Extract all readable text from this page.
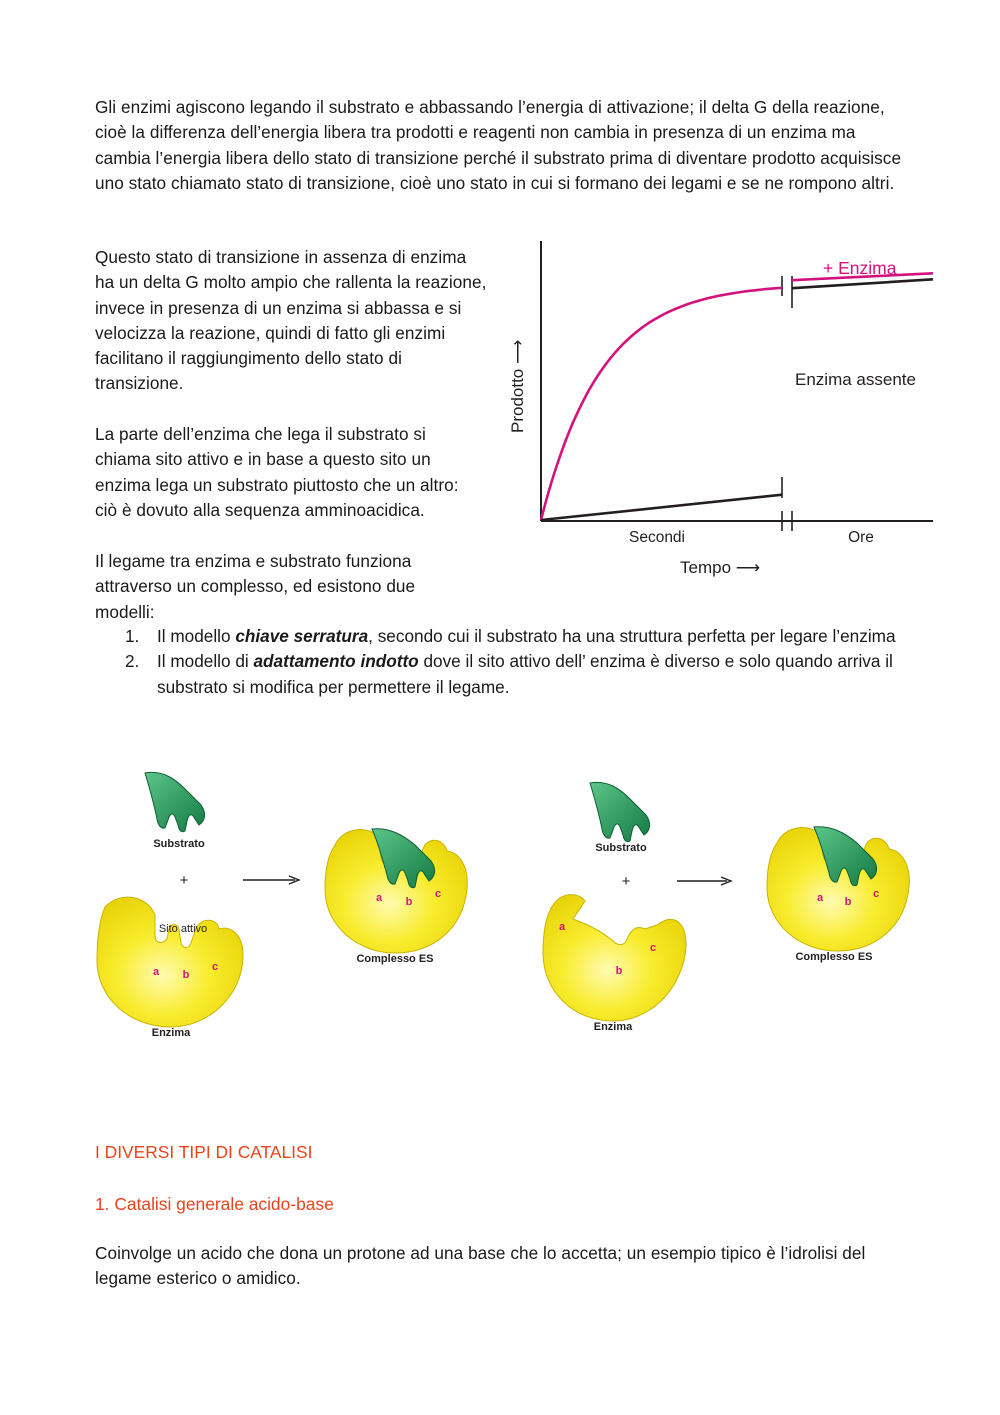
Gli enzimi agiscono legando il substrato e abbassando l’energia di attivazione; il delta G della reazione, cioè la differenza dell’energia libera tra prodotti e reagenti non cambia in presenza di un enzima ma cambia l’energia libera dello stato di transizione perché il substrato prima di diventare prodotto acquisisce uno stato chiamato stato di transizione, cioè uno stato in cui si formano dei legami e se ne rompono altri.

Questo stato di transizione in assenza di enzima ha un delta G molto ampio che rallenta la reazione, invece in presenza di un enzima si abbassa e si velocizza la reazione, quindi di fatto gli enzimi facilitano il raggiungimento dello stato di transizione.

La parte dell’enzima che lega il substrato si chiama sito attivo e in base a questo sito un enzima lega un substrato piuttosto che un altro: ciò è dovuto alla sequenza amminoacidica.

Il legame tra enzima e substrato funziona attraverso un complesso, ed esistono due modelli:

1. Il modello chiave serratura, secondo cui il substrato ha una struttura perfetta per legare l’enzima
2. Il modello di adattamento indotto dove il sito attivo dell’ enzima è diverso e solo quando arriva il substrato si modifica per permettere il legame.
+ Enzima
Enzima assente
Secondi	Ore
Tempo ⟶
Prodotto ⟶
Substrato
+
Sito attivo
a b
c
Enzima
a b
c
Complesso ES
Substrato
+
a
b
c
Enzima
a b
c
Complesso ES
I DIVERSI TIPI DI CATALISI
1. Catalisi generale acido-base

Coinvolge un acido che dona un protone ad una base che lo accetta; un esempio tipico è l’idrolisi del legame esterico o amidico.
